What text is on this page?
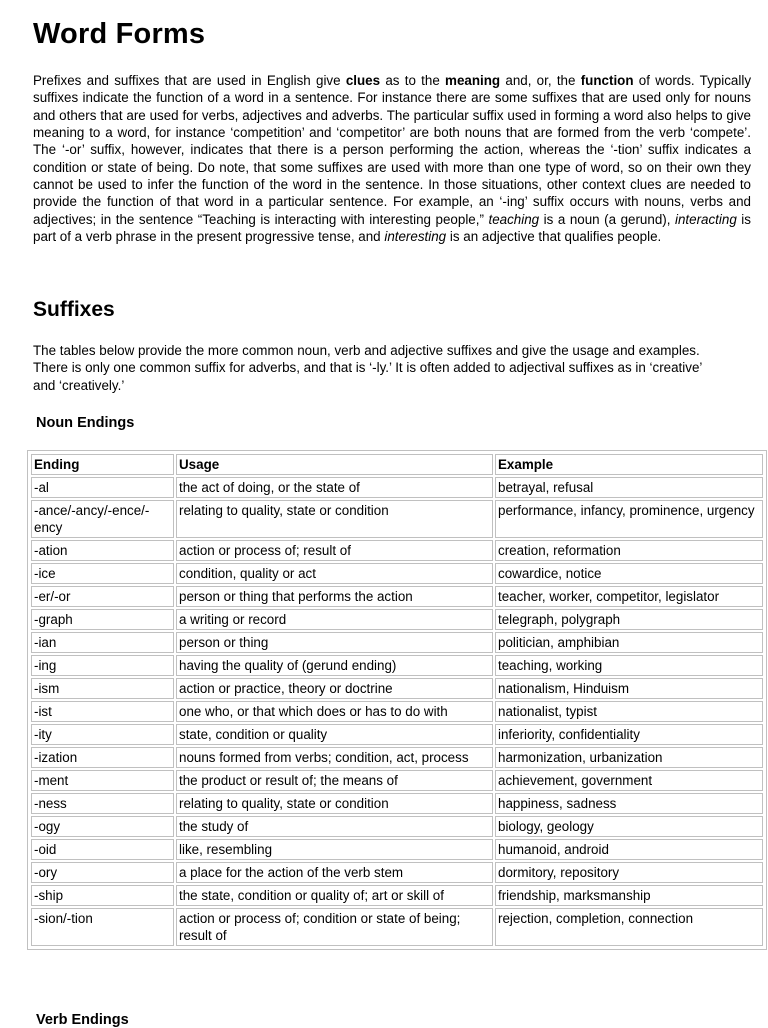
Word Forms

Prefixes and suffixes that are used in English give clues as to the meaning and, or, the function of words. Typically suffixes indicate the function of a word in a sentence. For instance there are some suffixes that are used only for nouns and others that are used for verbs, adjectives and adverbs. The particular suffix used in forming a word also helps to give meaning to a word, for instance ‘competition’ and ‘competitor’ are both nouns that are formed from the verb ‘compete’. The ‘-or’ suffix, however, indicates that there is a person performing the action, whereas the ‘-tion’ suffix indicates a condition or state of being. Do note, that some suffixes are used with more than one type of word, so on their own they cannot be used to infer the function of the word in the sentence. In those situations, other context clues are needed to provide the function of that word in a particular sentence. For example, an ‘-ing’ suffix occurs with nouns, verbs and adjectives; in the sentence “Teaching is interacting with interesting people,” teaching is a noun (a gerund), interacting is part of a verb phrase in the present progressive tense, and interesting is an adjective that qualifies people.

Suffixes

The tables below provide the more common noun, verb and adjective suffixes and give the usage and examples. There is only one common suffix for adverbs, and that is ‘-ly.’ It is often added to adjectival suffixes as in ‘creative’ and ‘creatively.’

Noun Endings
Ending	Usage	Example
-al	the act of doing, or the state of	betrayal, refusal
-ance/-ancy/-ence/-ency	relating to quality, state or condition	performance, infancy, prominence, urgency
-ation	action or process of; result of	creation, reformation
-ice	condition, quality or act	cowardice, notice
-er/-or	person or thing that performs the action	teacher, worker, competitor, legislator
-graph	a writing or record	telegraph, polygraph
-ian	person or thing	politician, amphibian
-ing	having the quality of (gerund ending)	teaching, working
-ism	action or practice, theory or doctrine	nationalism, Hinduism
-ist	one who, or that which does or has to do with	nationalist, typist
-ity	state, condition or quality	inferiority, confidentiality
-ization	nouns formed from verbs; condition, act, process	harmonization, urbanization
-ment	the product or result of; the means of	achievement, government
-ness	relating to quality, state or condition	happiness, sadness
-ogy	the study of	biology, geology
-oid	like, resembling	humanoid, android
-ory	a place for the action of the verb stem	dormitory, repository
-ship	the state, condition or quality of; art or skill of	friendship, marksmanship
-sion/-tion	action or process of; condition or state of being; result of	rejection, completion, connection
Verb Endings
